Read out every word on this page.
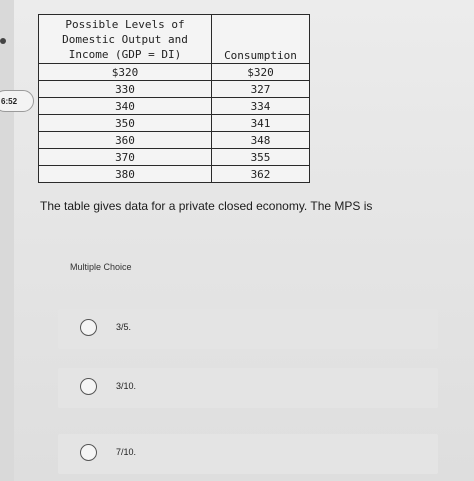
6:52
Possible Levels of
Domestic Output and
Income (GDP = DI)	Consumption
$320	$320
330	327
340	334
350	341
360	348
370	355
380	362
The table gives data for a private closed economy. The MPS is
Multiple Choice
3/5.
3/10.
7/10.
